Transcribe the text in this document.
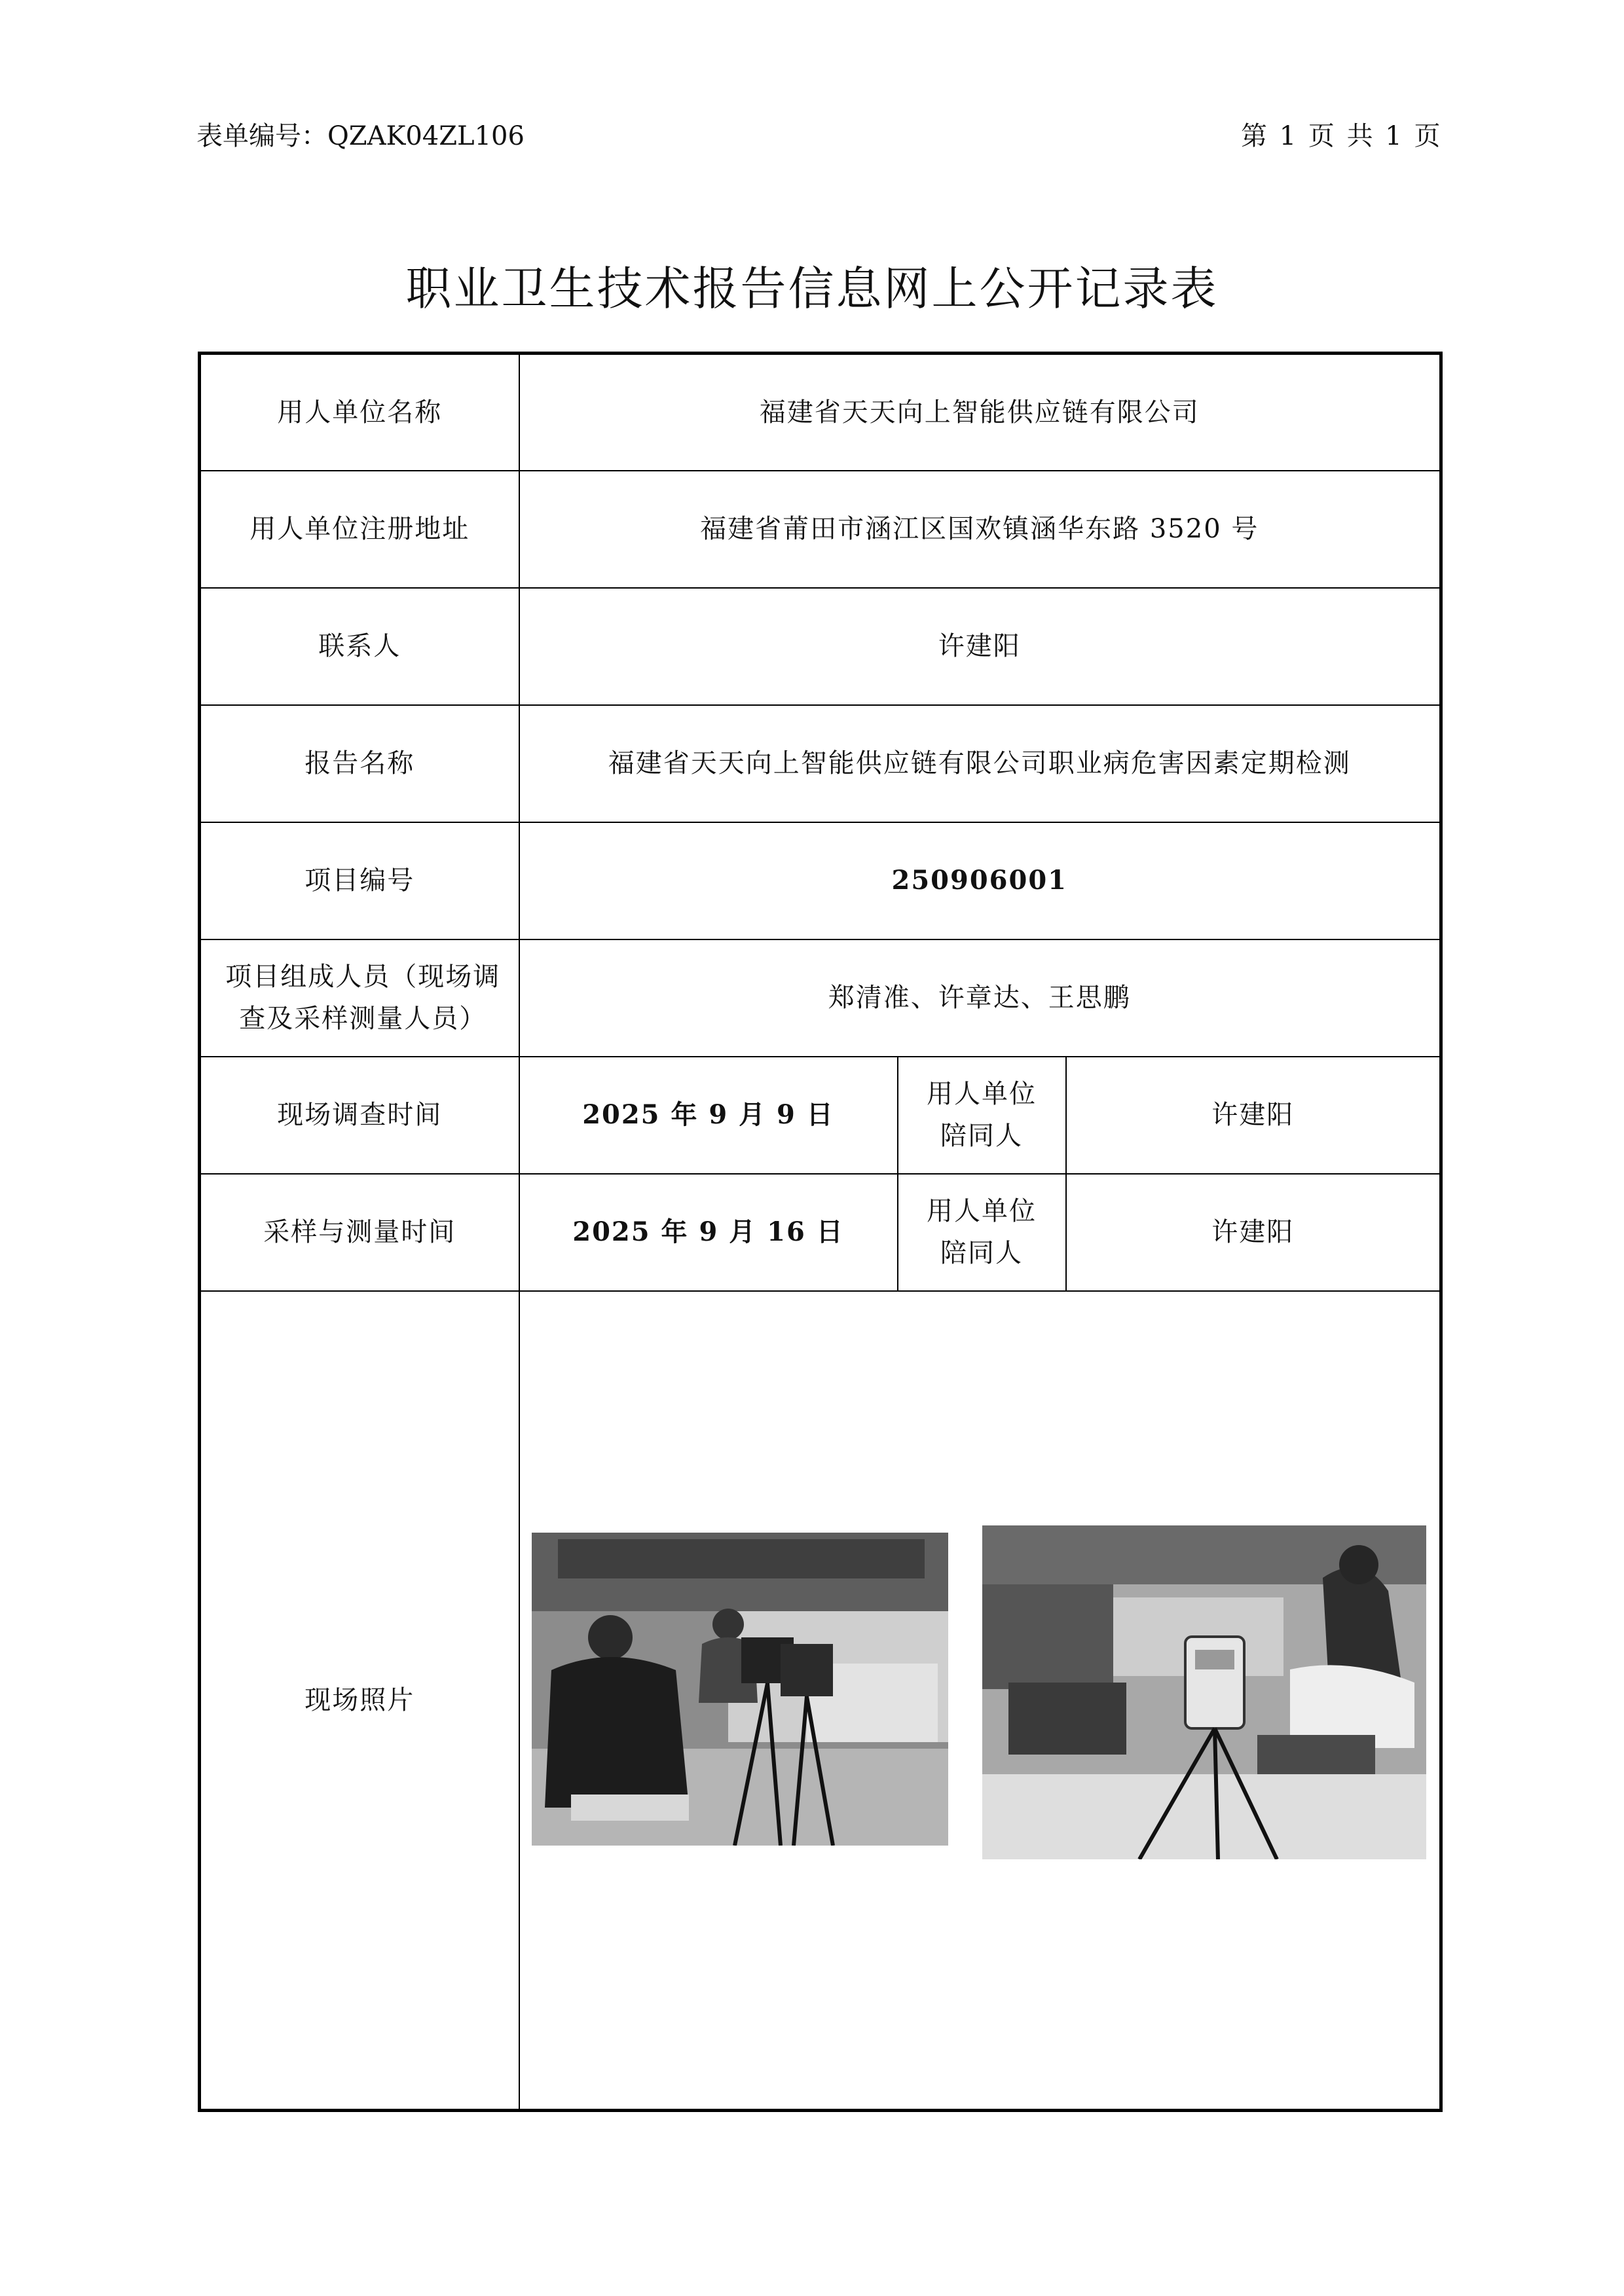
表单编号：QZAK04ZL106	第 1 页 共 1 页
职业卫生技术报告信息网上公开记录表
用人单位名称	福建省天天向上智能供应链有限公司		
用人单位注册地址	福建省莆田市涵江区国欢镇涵华东路 3520 号		
联系人	许建阳		
报告名称	福建省天天向上智能供应链有限公司职业病危害因素定期检测		
项目编号	250906001		
项目组成人员（现场调查及采样测量人员）	郑清准、许章达、王思鹏		
现场调查时间	2025 年 9 月 9 日	用人单位陪同人	许建阳
采样与测量时间	2025 年 9 月 16 日	用人单位陪同人	许建阳
现场照片	
